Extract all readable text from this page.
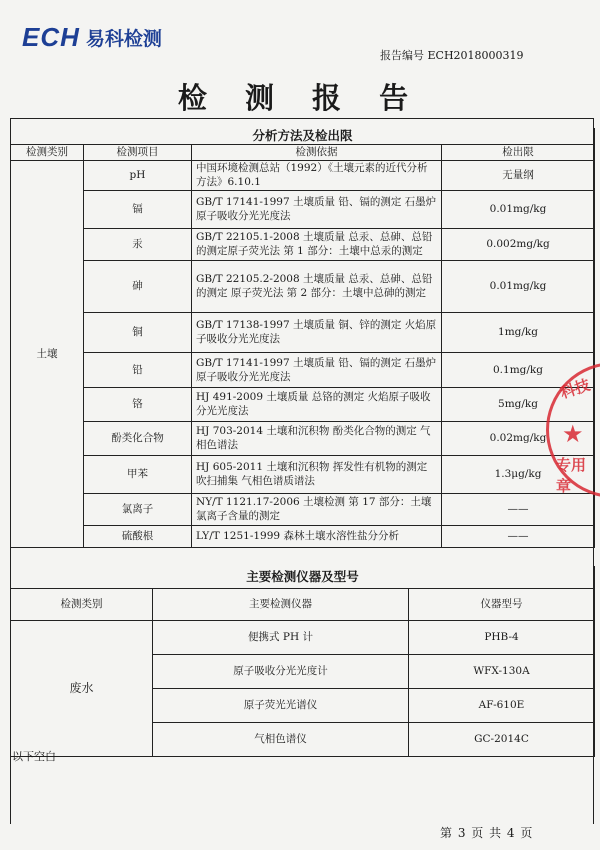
ECH 易科检测
报告编号 ECH2018000319
检 测 报 告
分析方法及检出限			
检测类别	检测项目	检测依据	检出限
土壤	pH	中国环境检测总站（1992）《土壤元素的近代分析方法》6.10.1	无量纲
	镉	GB/T 17141-1997 土壤质量 铅、镉的测定 石墨炉原子吸收分光光度法	0.01mg/kg
	汞	GB/T 22105.1-2008 土壤质量 总汞、总砷、总铅的测定原子荧光法 第 1 部分：土壤中总汞的测定	0.002mg/kg
	砷	GB/T 22105.2-2008 土壤质量 总汞、总砷、总铅的测定 原子荧光法 第 2 部分：土壤中总砷的测定	0.01mg/kg
	铜	GB/T 17138-1997 土壤质量 铜、锌的测定 火焰原子吸收分光光度法	1mg/kg
	铅	GB/T 17141-1997 土壤质量 铅、镉的测定 石墨炉原子吸收分光光度法	0.1mg/kg
	铬	HJ 491-2009 土壤质量 总铬的测定 火焰原子吸收分光光度法	5mg/kg
	酚类化合物	HJ 703-2014 土壤和沉积物 酚类化合物的测定 气相色谱法	0.02mg/kg
	甲苯	HJ 605-2011 土壤和沉积物 挥发性有机物的测定 吹扫捕集 气相色谱质谱法	1.3μg/kg
	氯离子	NY/T 1121.17-2006 土壤检测 第 17 部分：土壤氯离子含量的测定	——
	硫酸根	LY/T 1251-1999 森林土壤水溶性盐分分析	——
主要检测仪器及型号		
检测类别	主要检测仪器	仪器型号
废水	便携式 PH 计	PHB-4
	原子吸收分光光度计	WFX-130A
	原子荧光光谱仪	AF-610E
	气相色谱仪	GC-2014C
以下空白
第 3 页 共 4 页
科技
★
专用章
